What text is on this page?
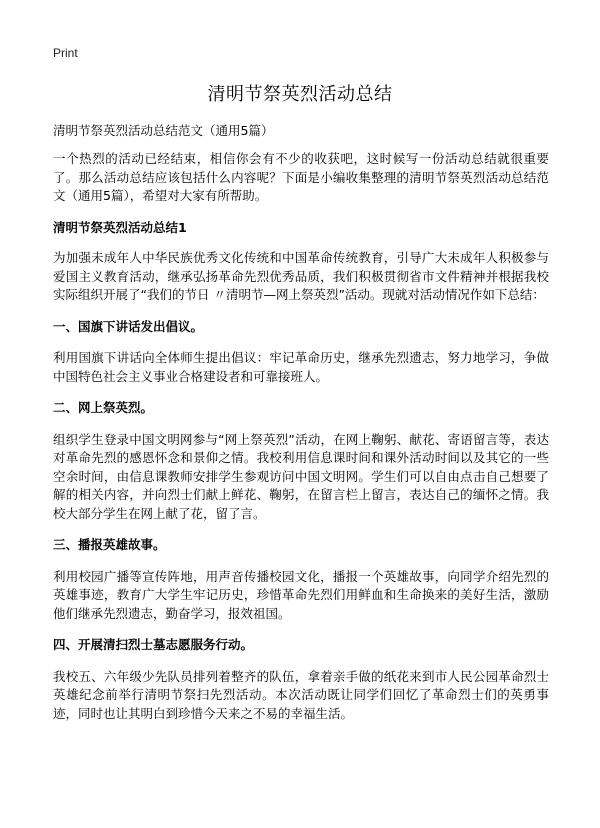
Print
清明节祭英烈活动总结
清明节祭英烈活动总结范文（通用5篇）

一个热烈的活动已经结束，相信你会有不少的收获吧，这时候写一份活动总结就很重要了。那么活动总结应该包括什么内容呢？下面是小编收集整理的清明节祭英烈活动总结范文（通用5篇），希望对大家有所帮助。

清明节祭英烈活动总结1

为加强未成年人中华民族优秀文化传统和中国革命传统教育，引导广大未成年人积极参与爱国主义教育活动，继承弘扬革命先烈优秀品质，我们积极贯彻省市文件精神并根据我校实际组织开展了“我们的节日 〃清明节—网上祭英烈”活动。现就对活动情况作如下总结：

一、国旗下讲话发出倡议。

利用国旗下讲话向全体师生提出倡议：牢记革命历史，继承先烈遗志，努力地学习，争做中国特色社会主义事业合格建设者和可靠接班人。

二、网上祭英烈。

组织学生登录中国文明网参与“网上祭英烈”活动，在网上鞠躬、献花、寄语留言等，表达对革命先烈的感恩怀念和景仰之情。我校利用信息课时间和课外活动时间以及其它的一些空余时间，由信息课教师安排学生参观访问中国文明网。学生们可以自由点击自己想要了解的相关内容，并向烈士们献上鲜花、鞠躬，在留言栏上留言，表达自己的缅怀之情。我校大部分学生在网上献了花，留了言。

三、播报英雄故事。

利用校园广播等宣传阵地，用声音传播校园文化，播报一个英雄故事，向同学介绍先烈的英雄事迹，教育广大学生牢记历史，珍惜革命先烈们用鲜血和生命换来的美好生活，激励他们继承先烈遗志，勤奋学习，报效祖国。

四、开展清扫烈士墓志愿服务行动。

我校五、六年级少先队员排列着整齐的队伍，拿着亲手做的纸花来到市人民公园革命烈士英雄纪念前举行清明节祭扫先烈活动。本次活动既让同学们回忆了革命烈士们的英勇事迹，同时也让其明白到珍惜今天来之不易的幸福生活。
